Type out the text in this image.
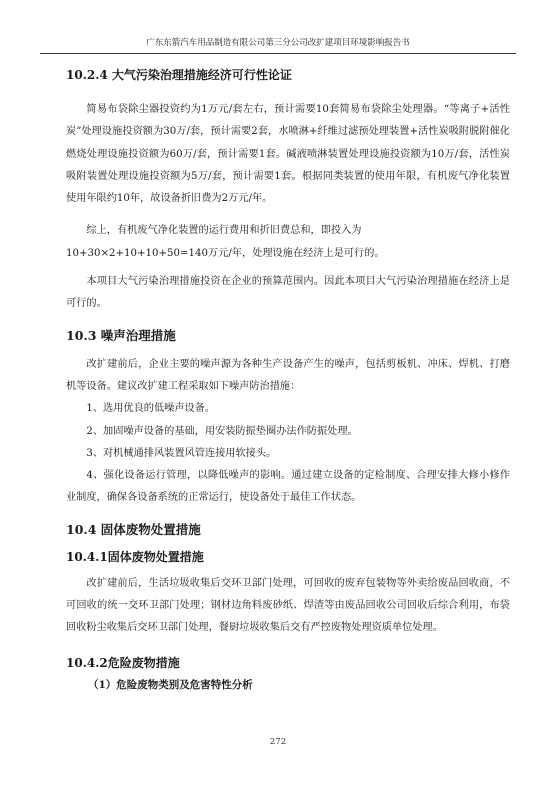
广东东箭汽车用品制造有限公司第三分公司改扩建项目环境影响报告书
10.2.4 大气污染治理措施经济可行性论证

简易布袋除尘器投资约为1万元/套左右，预计需要10套简易布袋除尘处理器。“等离子+活性炭”处理设施投资额为30万/套，预计需要2套，水喷淋+纤维过滤预处理装置+活性炭吸附脱附催化燃烧处理设施投资额为60万/套，预计需要1套。碱液喷淋装置处理设施投资额为10万/套，活性炭吸附装置处理设施投资额为5万/套，预计需要1套。根据同类装置的使用年限，有机废气净化装置使用年限约10年，故设备折旧费为2万元/年。

综上，有机废气净化装置的运行费用和折旧费总和，即投入为

10+30×2+10+10+50=140万元/年，处理设施在经济上是可行的。

本项目大气污染治理措施投资在企业的预算范围内。因此本项目大气污染治理措施在经济上是可行的。

10.3 噪声治理措施

改扩建前后，企业主要的噪声源为各种生产设备产生的噪声，包括剪板机、冲床、焊机、打磨机等设备。建议改扩建工程采取如下噪声防治措施：

1、选用优良的低噪声设备。

2、加固噪声设备的基础，用安装防振垫圈办法作防振处理。

3、对机械通排风装置风管连接用软接头。

4、强化设备运行管理，以降低噪声的影响。通过建立设备的定检制度、合理安排大修小修作业制度，确保各设备系统的正常运行，使设备处于最佳工作状态。

10.4 固体废物处置措施
10.4.1固体废物处置措施

改扩建前后，生活垃圾收集后交环卫部门处理，可回收的废弃包装物等外卖给废品回收商，不可回收的统一交环卫部门处理；钢材边角料废砂纸、焊渣等由废品回收公司回收后综合利用，布袋回收粉尘收集后交环卫部门处理，餐厨垃圾收集后交有严控废物处理资质单位处理。

10.4.2危险废物措施
（1）危险废物类别及危害特性分析
272
